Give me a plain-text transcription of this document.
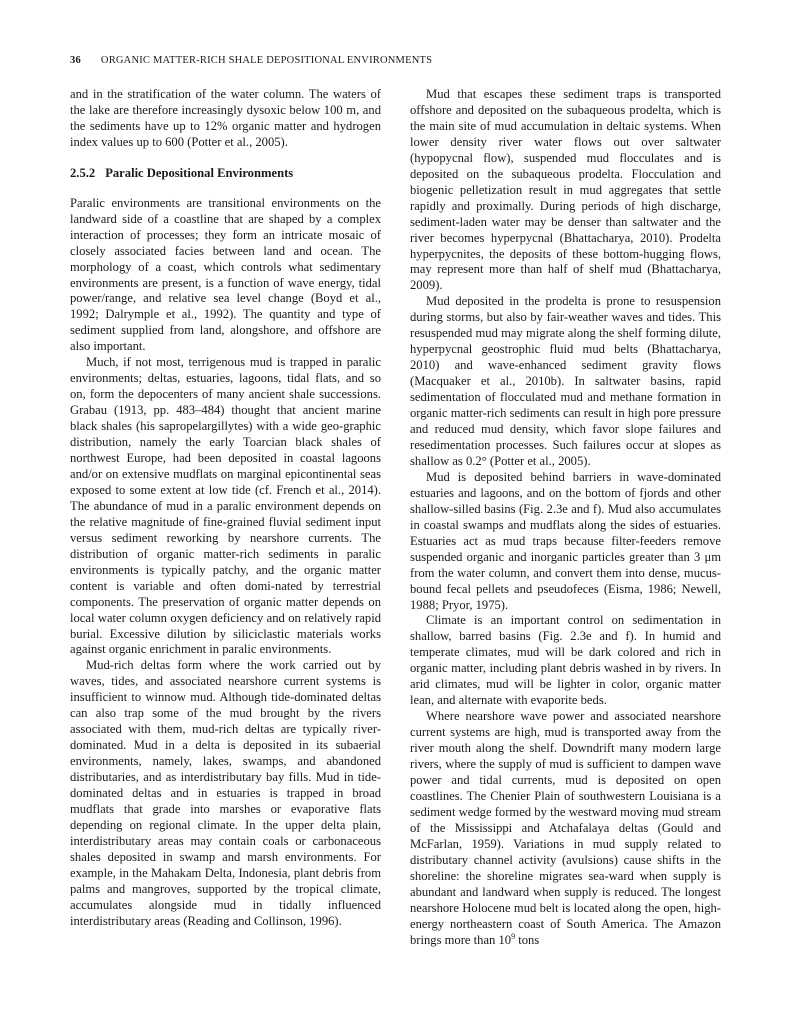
36 ORGANIC MATTER-RICH SHALE DEPOSITIONAL ENVIRONMENTS

and in the stratification of the water column. The waters of the lake are therefore increasingly dysoxic below 100 m, and the sediments have up to 12% organic matter and hydrogen index values up to 600 (Potter et al., 2005).

2.5.2 Paralic Depositional Environments

Paralic environments are transitional environments on the landward side of a coastline that are shaped by a complex interaction of processes; they form an intricate mosaic of closely associated facies between land and ocean. The morphology of a coast, which controls what sedimentary environments are present, is a function of wave energy, tidal power/range, and relative sea level change (Boyd et al., 1992; Dalrymple et al., 1992). The quantity and type of sediment supplied from land, alongshore, and offshore are also important.

Much, if not most, terrigenous mud is trapped in paralic environments; deltas, estuaries, lagoons, tidal flats, and so on, form the depocenters of many ancient shale successions. Grabau (1913, pp. 483–484) thought that ancient marine black shales (his sapropelargillytes) with a wide geo-graphic distribution, namely the early Toarcian black shales of northwest Europe, had been deposited in coastal lagoons and/or on extensive mudflats on marginal epicontinental seas exposed to some extent at low tide (cf. French et al., 2014). The abundance of mud in a paralic environment depends on the relative magnitude of fine-grained fluvial sediment input versus sediment reworking by nearshore currents. The distribution of organic matter-rich sediments in paralic environments is typically patchy, and the organic matter content is variable and often domi-nated by terrestrial components. The preservation of organic matter depends on local water column oxygen deficiency and on relatively rapid burial. Excessive dilution by siliciclastic materials works against organic enrichment in paralic environments.

Mud-rich deltas form where the work carried out by waves, tides, and associated nearshore current systems is insufficient to winnow mud. Although tide-dominated deltas can also trap some of the mud brought by the rivers associated with them, mud-rich deltas are typically river-dominated. Mud in a delta is deposited in its subaerial environments, namely, lakes, swamps, and abandoned distributaries, and as interdistributary bay fills. Mud in tide-dominated deltas and in estuaries is trapped in broad mudflats that grade into marshes or evaporative flats depending on regional climate. In the upper delta plain, interdistributary areas may contain coals or carbonaceous shales deposited in swamp and marsh environments. For example, in the Mahakam Delta, Indonesia, plant debris from palms and mangroves, supported by the tropical climate, accumulates alongside mud in tidally influenced interdistributary areas (Reading and Collinson, 1996).

Mud that escapes these sediment traps is transported offshore and deposited on the subaqueous prodelta, which is the main site of mud accumulation in deltaic systems. When lower density river water flows out over saltwater (hypopycnal flow), suspended mud flocculates and is deposited on the subaqueous prodelta. Flocculation and biogenic pelletization result in mud aggregates that settle rapidly and proximally. During periods of high discharge, sediment-laden water may be denser than saltwater and the river becomes hyperpycnal (Bhattacharya, 2010). Prodelta hyperpycnites, the deposits of these bottom-hugging flows, may represent more than half of shelf mud (Bhattacharya, 2009).

Mud deposited in the prodelta is prone to resuspension during storms, but also by fair-weather waves and tides. This resuspended mud may migrate along the shelf forming dilute, hyperpycnal geostrophic fluid mud belts (Bhattacharya, 2010) and wave-enhanced sediment gravity flows (Macquaker et al., 2010b). In saltwater basins, rapid sedimentation of flocculated mud and methane formation in organic matter-rich sediments can result in high pore pressure and reduced mud density, which favor slope failures and resedimentation processes. Such failures occur at slopes as shallow as 0.2° (Potter et al., 2005).

Mud is deposited behind barriers in wave-dominated estuaries and lagoons, and on the bottom of fjords and other shallow-silled basins (Fig. 2.3e and f). Mud also accumulates in coastal swamps and mudflats along the sides of estuaries. Estuaries act as mud traps because filter-feeders remove suspended organic and inorganic particles greater than 3 μm from the water column, and convert them into dense, mucus-bound fecal pellets and pseudofeces (Eisma, 1986; Newell, 1988; Pryor, 1975).

Climate is an important control on sedimentation in shallow, barred basins (Fig. 2.3e and f). In humid and temperate climates, mud will be dark colored and rich in organic matter, including plant debris washed in by rivers. In arid climates, mud will be lighter in color, organic matter lean, and alternate with evaporite beds.

Where nearshore wave power and associated nearshore current systems are high, mud is transported away from the river mouth along the shelf. Downdrift many modern large rivers, where the supply of mud is sufficient to dampen wave power and tidal currents, mud is deposited on open coastlines. The Chenier Plain of southwestern Louisiana is a sediment wedge formed by the westward moving mud stream of the Mississippi and Atchafalaya deltas (Gould and McFarlan, 1959). Variations in mud supply related to distributary channel activity (avulsions) cause shifts in the shoreline: the shoreline migrates sea-ward when supply is abundant and landward when supply is reduced. The longest nearshore Holocene mud belt is located along the open, high-energy northeastern coast of South America. The Amazon brings more than $10^9$ tons
